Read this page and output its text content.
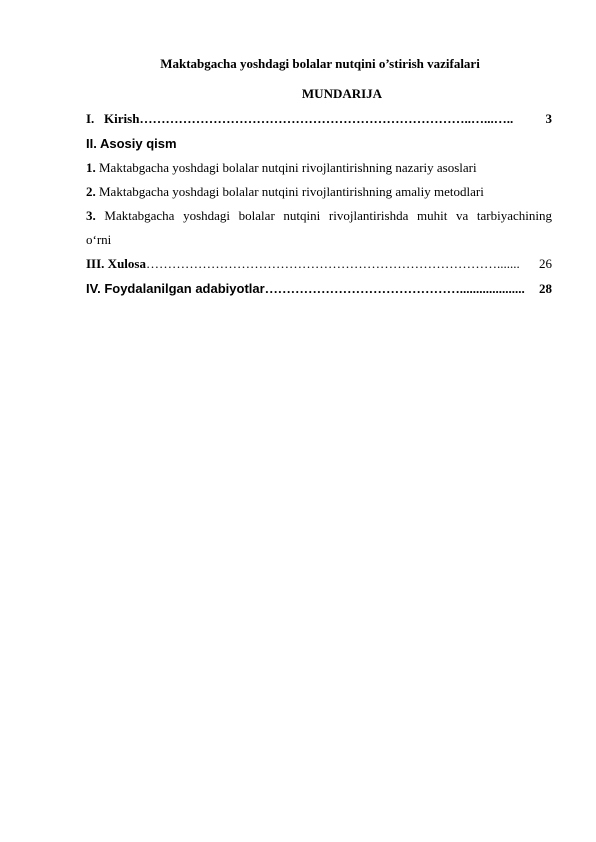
Maktabgacha yoshdagi bolalar nutqini o’stirish vazifalari
MUNDARIJA
I.   Kirish …………………………………………………………………..…...…..	3
II. Asosiy qism
1. Maktabgacha yoshdagi bolalar nutqini rivojlantirishning nazariy asoslari
2. Maktabgacha yoshdagi bolalar nutqini rivojlantirishning amaliy metodlari
3. Maktabgacha yoshdagi bolalar nutqini rivojlantirishda muhit va tarbiyachining
o‘rni
III. Xulosa ……………………………………………………………………….......	26
IV. Foydalanilgan adabiyotlar ………………………………………....................	28
